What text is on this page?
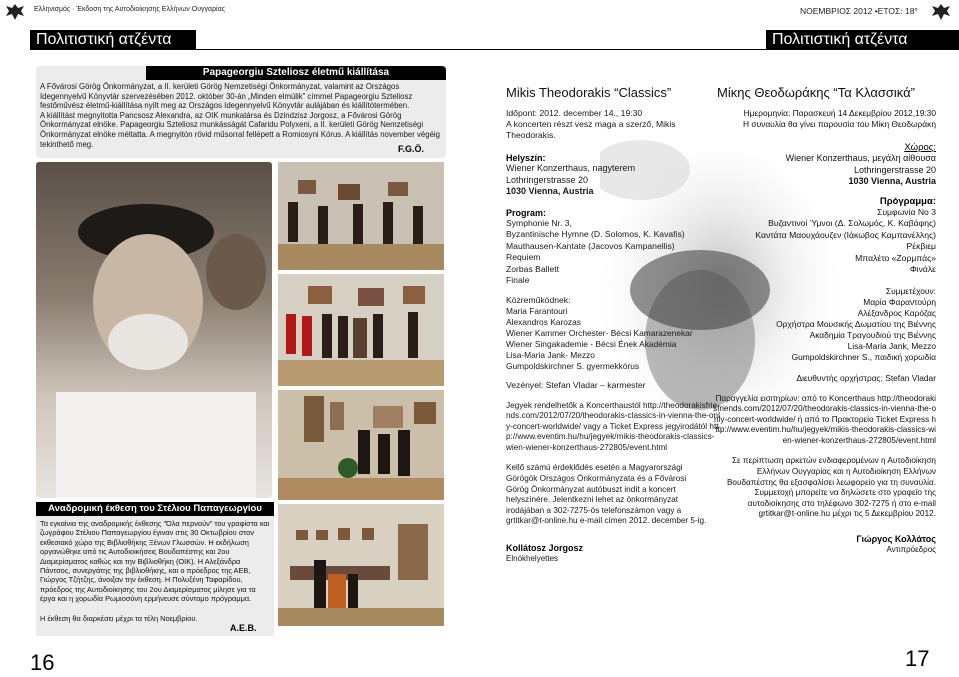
Ελληνισμός · Έκδοση της Αυτοδιοίκησης Ελλήνων Ουγγαρίας	ΝΟΕΜΒΡΙΟΣ 2012 •ΕΤΟΣ: 18°
Πολιτιστική ατζέντα	Πολιτιστική ατζέντα
Papageorgiu Szteliosz életmű kiállítása

A Fővárosi Görög Önkormányzat, a II. kerületi Görög Nemzetiségi Önkormányzat, valamint az Országos Idegennyelvű Könyvtár szervezésében 2012. október 30-án „Minden elmúlik” címmel Papageorgiu Szteliosz festőművész életmű-kiállítása nyílt meg az Országos Idegennyelvű Könyvtár aulájában és kiállítótermében.

A kiállítást megnyitotta Pancsosz Alexandra, az OIK munkatársa és Dzindzisz Jorgosz, a Fővárosi Görög Önkormányzat elnöke. Papageorgiu Szteliosz munkásságát Cafaridu Polyxeni, a II. kerületi Görög Nemzetiségi Önkormányzat elnöke méltatta. A megnyitón rövid műsorral fellépett a Romiosyni Kórus. A kiállítás november végéig tekinthető meg.	F.G.Ö.
Αναδρομική έκθεση του Στέλιου Παπαγεωργίου
Τα εγκαίνια της αναδρομικής έκθεσης "Όλα περνούν" του γραφίστα και ζωγράφου Στέλιου Παπαγεωργίου έγιναν στις 30 Οκτωβρίου στον εκθεσιακό χώρο της Βιβλιοθήκης Ξένων Γλωσσών. Η εκδήλωση οργανώθηκε από τις Αυτοδιοικήσεις Βουδαπέστης και 2ου Διαμερίσματος καθώς και την Βιβλιοθήκη (OIK). Η Αλεξάνδρα Πάντσος, συνεργάτης της βιβλιοθήκης, και ο πρόεδρος της ΑΕΒ, Γιώργος Τζήτζης, άνοιξαν την έκθεση. Η Πολυξένη Ταφαρίδου, πρόεδρος της Αυτοδιοίκησης του 2ου Διαμερίσματος μίλησε για τα έργα και η χορωδία Ρωμιοσύνη ερμήνευσε σύντομο πρόγραμμα.
Η έκθεση θα διαρκέσει μέχρι τα τέλη Νοεμβρίου.
Α.Ε.Β.
16
Mikis Theodorakis “Classics”
Időpont: 2012. december 14., 19:30
A koncerten részt vesz maga a szerző, Mikis Theodorakis.
Helyszín:
Wiener Konzerthaus, nagyterem
Lothringerstrasse 20
1030 Vienna, Austria
Program:
Symphonie Nr. 3,
Byzantinische Hymne (D. Solomos, K. Kavafis)
Mauthausen-Kantate (Jacovos Kampanellis)
Requiem
Zorbas Ballett
Finale
Közreműködnek:
Maria Farantouri
Alexandros Karozas
Wiener Kammer Orchester- Bécsi Kamarazenekar
Wiener Singakademie - Bécsi Ének Akadémia
Lisa-Maria Jank- Mezzo
Gumpoldskirchner S. gyermekkórus
Vezényel: Stefan Vladar – karmester
Jegyek rendelhetők a Koncerthaustól http://theodorakisfriends.com/2012/07/20/theodorakis-classics-in-vienna-the-only-concert-worldwide/ vagy a Ticket Express jegyirodától http://www.eventim.hu/hu/jegyek/mikis-theodorakis-classics-wien-wiener-konzerthaus-272805/event.html
Kellő számú érdeklődés esetén a Magyarországi Görögök Országos Önkormányzata és a Fővárosi Görög Önkormányzat autóbuszt indít a koncert helyszínére. Jelentkezni lehet az önkormányzat irodájában a 302-7275-ös telefonszámon vagy a grtitkar@t-online.hu e-mail címen 2012. december 5-ig.
Kollátosz Jorgosz
Elnökhelyettes
Μίκης Θεοδωράκης “Τα Κλασσικά”
Ημερομηνία: Παρασκευή 14 Δεκεμβρίου 2012,19:30
Η συναυλία θα γίνει παρουσία του Μίκη Θεοδωράκη
Χώρος:
Wiener Konzerthaus, μεγάλη αίθουσα
Lothringerstrasse 20
1030 Vienna, Austria
Πρόγραμμα:
Συμφωνία Νο 3
Βυζαντινοί Ύμνοι (Δ. Σολωμός, Κ. Καβάφης)
Καντάτα Μαουχάουζεν (Ιάκωβος Καμπανέλλης)
Ρέκβιεμ
Μπαλέτο «Ζορμπάς»
Φινάλε
Συμμετέχουν:
Μαρία Φαραντούρη
Αλέξανδρος Καρόζας
Ορχήστρα Μουσικής Δωματίου της Βιέννης
Ακαδημία Τραγουδιού της Βιέννης
Lisa-Maria Jank, Mezzo
Gumpoldskirchner S., παιδική χορωδία
Διευθυντής ορχήστρας: Stefan Vladar
Παραγγελία εισιτηρίων: από το Koncerthaus http://theodorakisfriends.com/2012/07/20/theodorakis-classics-in-vienna-the-only-concert-worldwide/ ή από το Πρακτορείο Ticket Express http://www.eventim.hu/hu/jegyek/mikis-theodorakis-classics-wien-wiener-konzerthaus-272805/event.html
Σε περίπτωση αρκετών ενδιαφερομένων η Αυτοδιοίκηση Ελλήνων Ουγγαρίας και η Αυτοδιοίκηση Ελλήνων Βουδαπέστης θα εξασφαλίσει λεωφορείο για τη συναυλία. Συμμετοχή μπορείτε να δηλώσετε στο γραφείο της αυτοδιοίκησης στο τηλέφωνο 302-7275 ή στο e-mail grtitkar@t-online.hu μέχρι τις 5 Δεκεμβρίου 2012.
Γιώργος Κολλάτος
Αντιπρόεδρος
17
